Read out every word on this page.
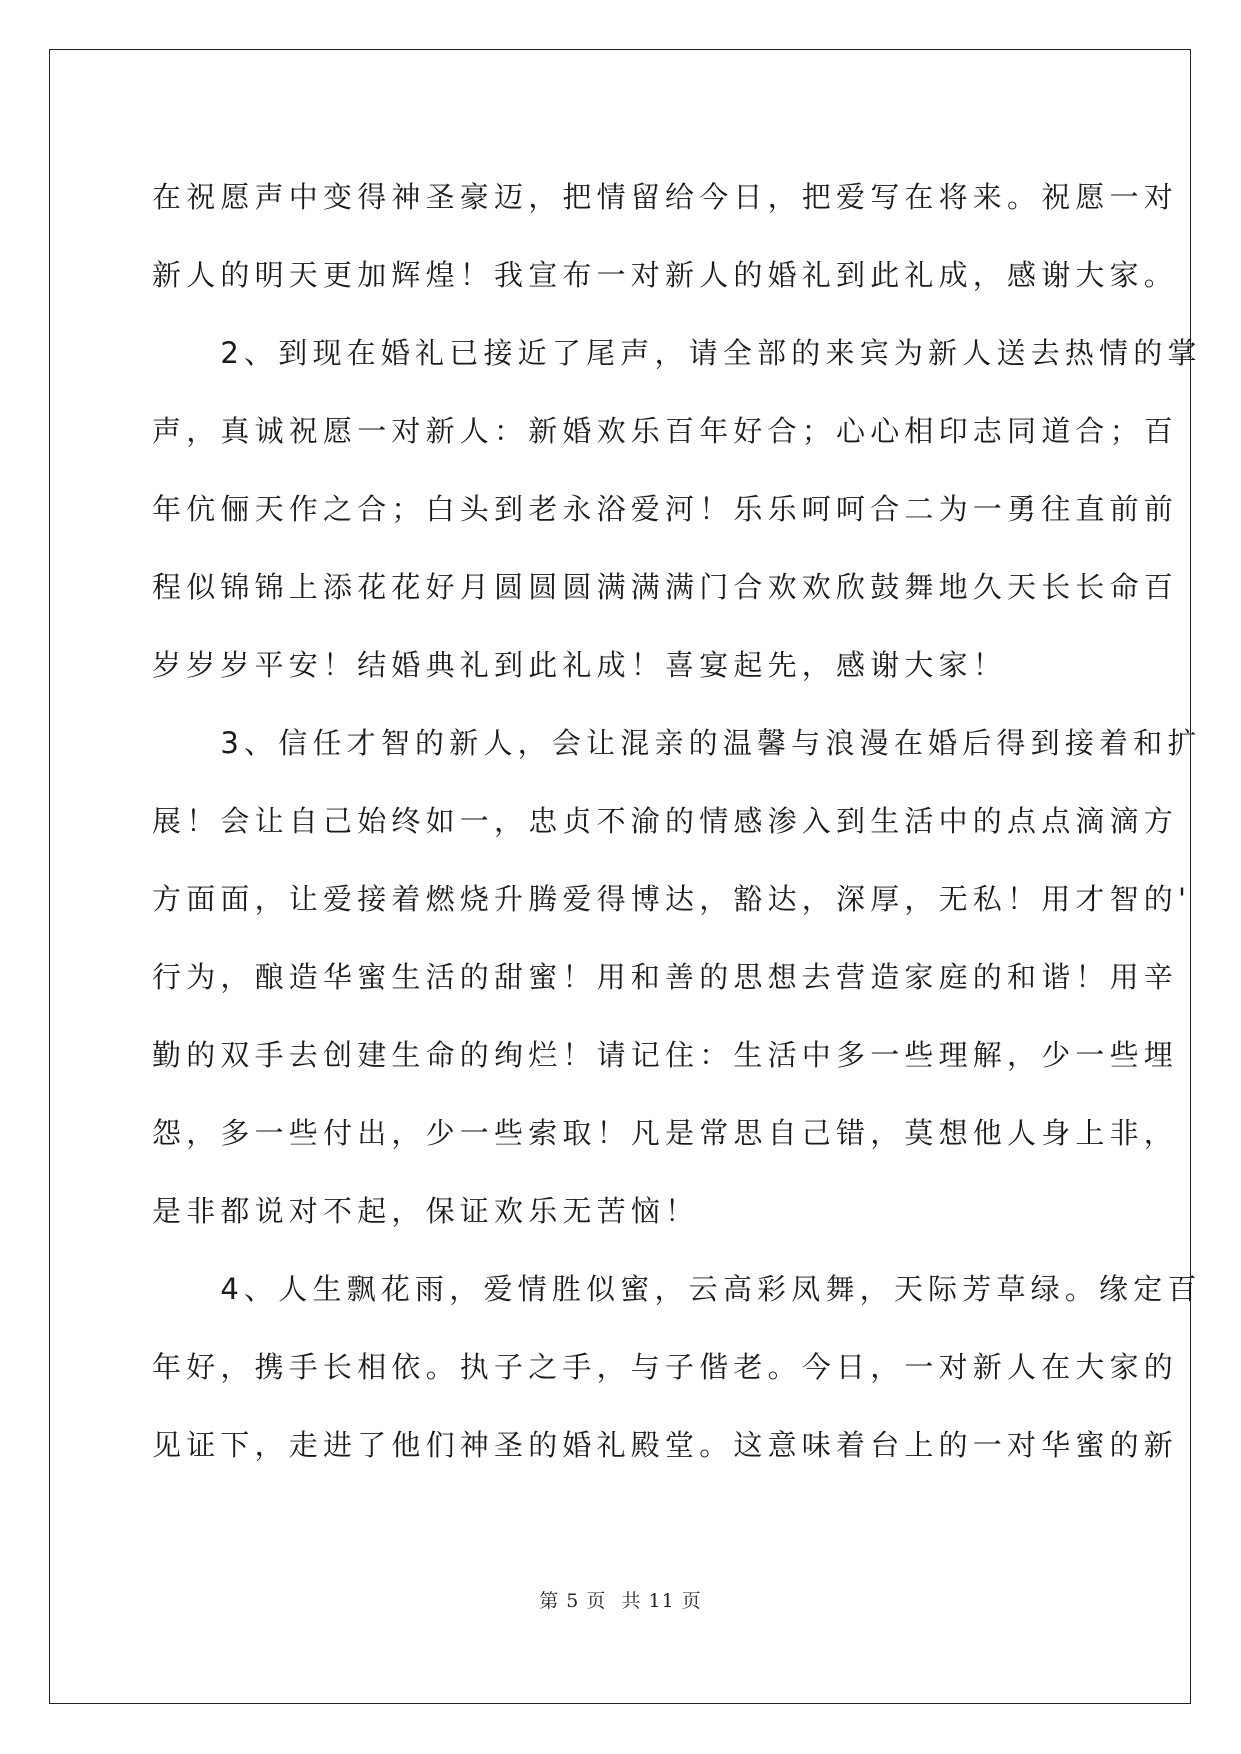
在祝愿声中变得神圣豪迈，把情留给今日，把爱写在将来。祝愿一对
新人的明天更加辉煌！我宣布一对新人的婚礼到此礼成，感谢大家。
　　2、到现在婚礼已接近了尾声，请全部的来宾为新人送去热情的掌
声，真诚祝愿一对新人：新婚欢乐百年好合；心心相印志同道合；百
年伉俪天作之合；白头到老永浴爱河！乐乐呵呵合二为一勇往直前前
程似锦锦上添花花好月圆圆圆满满满门合欢欢欣鼓舞地久天长长命百
岁岁岁平安！结婚典礼到此礼成！喜宴起先，感谢大家！
　　3、信任才智的新人，会让混亲的温馨与浪漫在婚后得到接着和扩
展！会让自己始终如一，忠贞不渝的情感渗入到生活中的点点滴滴方
方面面，让爱接着燃烧升腾爱得博达，豁达，深厚，无私！用才智的'
行为，酿造华蜜生活的甜蜜！用和善的思想去营造家庭的和谐！用辛
勤的双手去创建生命的绚烂！请记住：生活中多一些理解，少一些埋
怨，多一些付出，少一些索取！凡是常思自己错，莫想他人身上非，
是非都说对不起，保证欢乐无苦恼！
　　4、人生飘花雨，爱情胜似蜜，云高彩凤舞，天际芳草绿。缘定百
年好，携手长相依。执子之手，与子偕老。今日，一对新人在大家的
见证下，走进了他们神圣的婚礼殿堂。这意味着台上的一对华蜜的新
第 5 页 共 11 页
